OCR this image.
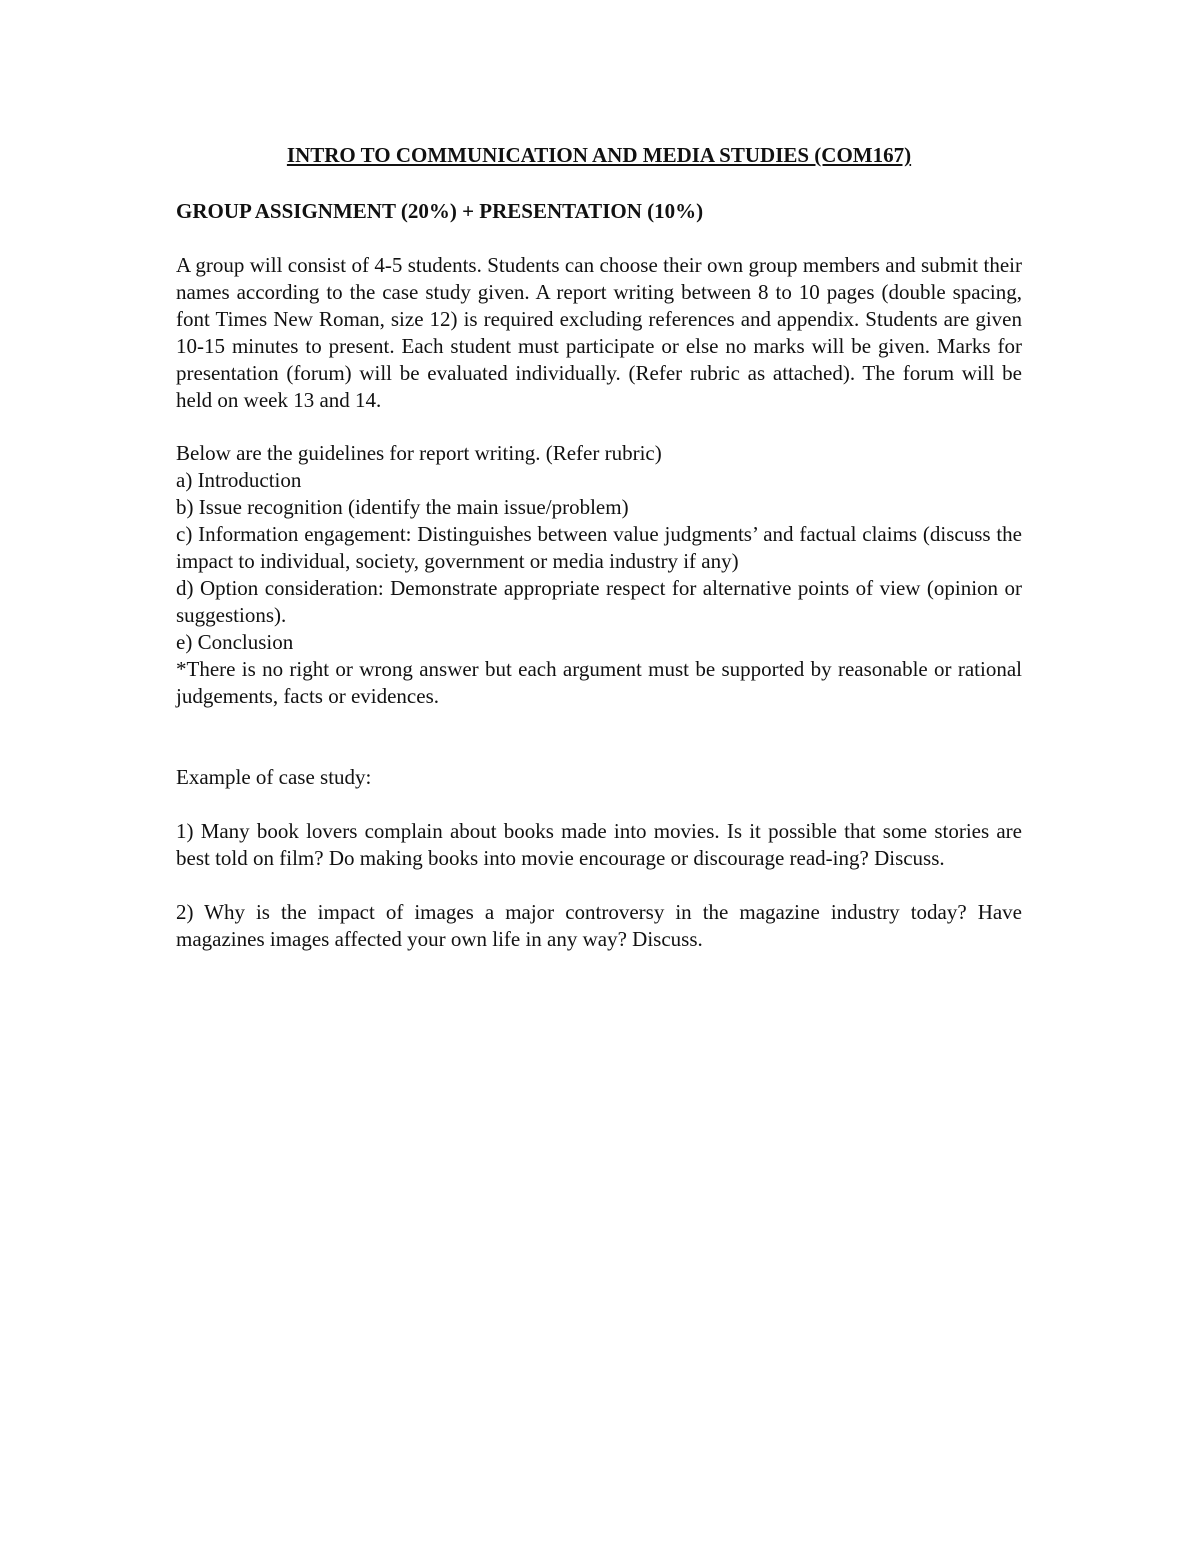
INTRO TO COMMUNICATION AND MEDIA STUDIES (COM167)

GROUP ASSIGNMENT (20%) + PRESENTATION (10%)

A group will consist of 4-5 students. Students can choose their own group members and submit their names according to the case study given. A report writing between 8 to 10 pages (double spacing, font Times New Roman, size 12) is required excluding references and appendix. Students are given 10-15 minutes to present. Each student must participate or else no marks will be given. Marks for presentation (forum) will be evaluated individually. (Refer rubric as attached). The forum will be held on week 13 and 14.

Below are the guidelines for report writing. (Refer rubric)

a) Introduction

b) Issue recognition (identify the main issue/problem)

c) Information engagement: Distinguishes between value judgments’ and factual claims (discuss the impact to individual, society, government or media industry if any)

d) Option consideration: Demonstrate appropriate respect for alternative points of view (opinion or suggestions).

e) Conclusion

*There is no right or wrong answer but each argument must be supported by reasonable or rational judgements, facts or evidences.

Example of case study:

1) Many book lovers complain about books made into movies. Is it possible that some stories are best told on film? Do making books into movie encourage or discourage read-ing? Discuss.

2) Why is the impact of images a major controversy in the magazine industry today? Have magazines images affected your own life in any way? Discuss.
